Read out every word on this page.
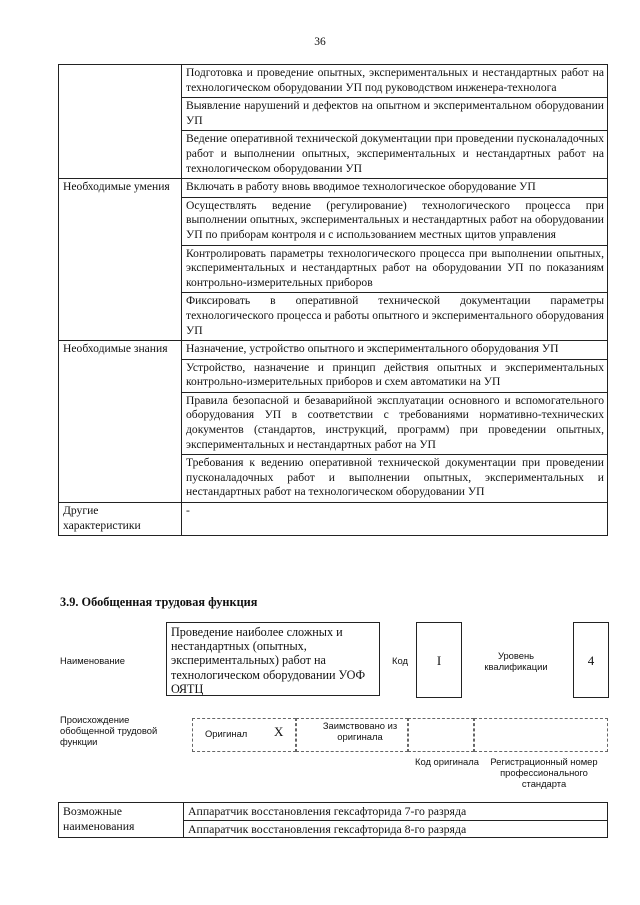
36
	Подготовка и проведение опытных, экспериментальных и нестандартных работ на технологическом оборудовании УП под руководством инженера-технолога
	Выявление нарушений и дефектов на опытном и экспериментальном оборудовании УП
	Ведение оперативной технической документации при проведении пусконаладочных работ и выполнении опытных, экспериментальных и нестандартных работ на технологическом оборудовании УП
Необходимые умения	Включать в работу вновь вводимое технологическое оборудование УП
	Осуществлять ведение (регулирование) технологического процесса при выполнении опытных, экспериментальных и нестандартных работ на оборудовании УП по приборам контроля и с использованием местных щитов управления
	Контролировать параметры технологического процесса при выполнении опытных, экспериментальных и нестандартных работ на оборудовании УП по показаниям контрольно-измерительных приборов
	Фиксировать в оперативной технической документации параметры технологического процесса и работы опытного и экспериментального оборудования УП
Необходимые знания	Назначение, устройство опытного и экспериментального оборудования УП
	Устройство, назначение и принцип действия опытных и экспериментальных контрольно-измерительных приборов и схем автоматики на УП
	Правила безопасной и безаварийной эксплуатации основного и вспомогательного оборудования УП в соответствии с требованиями нормативно-технических документов (стандартов, инструкций, программ) при проведении опытных, экспериментальных и нестандартных работ на УП
	Требования к ведению оперативной технической документации при проведении пусконаладочных работ и выполнении опытных, экспериментальных и нестандартных работ на технологическом оборудовании УП
Другие характеристики	-
3.9. Обобщенная трудовая функция
Наименование
Проведение наиболее сложных и нестандартных (опытных, экспериментальных) работ на технологическом оборудовании УОФ ОЯТЦ
Код	I	Уровень квалификации	4
Происхождение обобщенной трудовой функции
Оригинал X	Заимствовано из оригинала
Код оригинала	Регистрационный номер профессионального стандарта
Возможные наименования	Аппаратчик восстановления гексафторида 7-го разряда
Аппаратчик восстановления гексафторида 8-го разряда
